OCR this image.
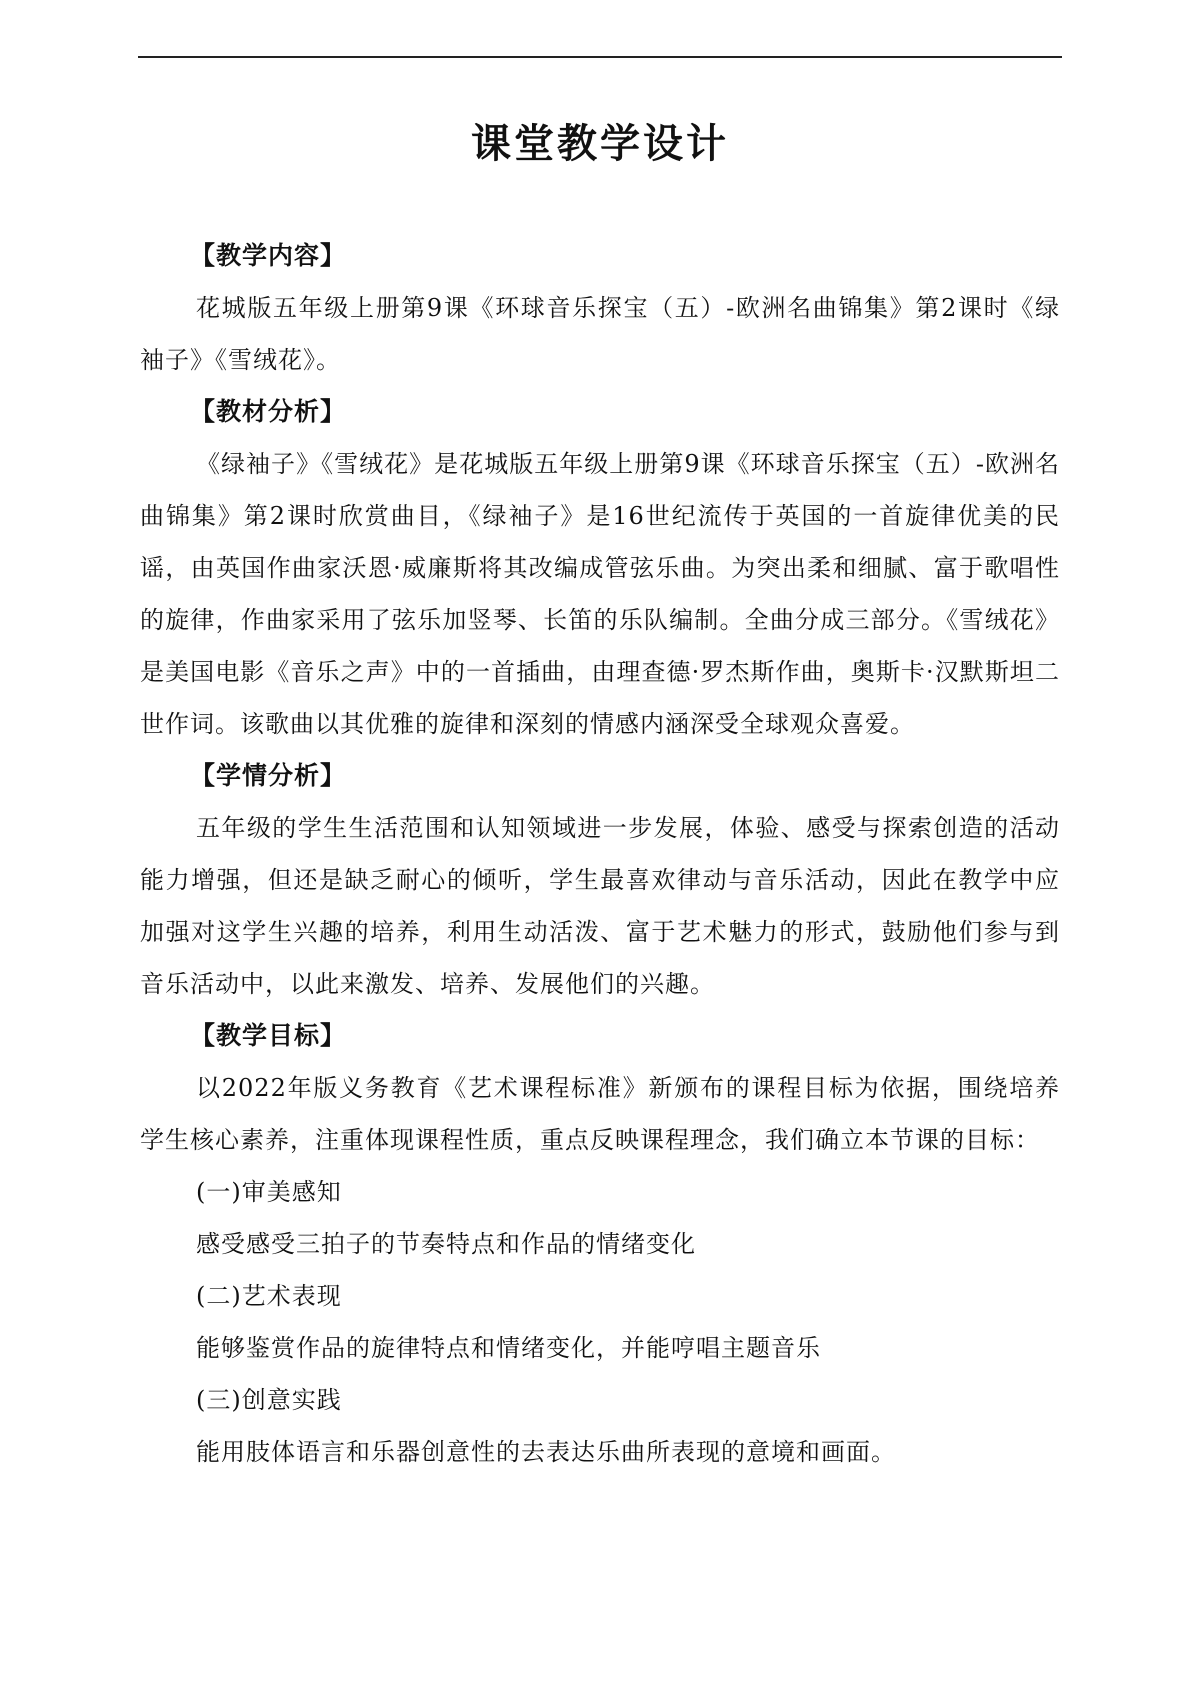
课堂教学设计

【教学内容】

花城版五年级上册第9课《环球音乐探宝（五）-欧洲名曲锦集》第2课时《绿袖子》《雪绒花》。

【教材分析】

《绿袖子》《雪绒花》是花城版五年级上册第9课《环球音乐探宝（五）-欧洲名曲锦集》第2课时欣赏曲目，《绿袖子》是16世纪流传于英国的一首旋律优美的民谣，由英国作曲家沃恩·威廉斯将其改编成管弦乐曲。为突出柔和细腻、富于歌唱性的旋律，作曲家采用了弦乐加竖琴、长笛的乐队编制。全曲分成三部分。《雪绒花》是美国电影《音乐之声》中的一首插曲，由理查德·罗杰斯作曲，奥斯卡·汉默斯坦二世作词。该歌曲以其优雅的旋律和深刻的情感内涵深受全球观众喜爱。

【学情分析】

五年级的学生生活范围和认知领域进一步发展，体验、感受与探索创造的活动能力增强，但还是缺乏耐心的倾听，学生最喜欢律动与音乐活动，因此在教学中应加强对这学生兴趣的培养，利用生动活泼、富于艺术魅力的形式，鼓励他们参与到音乐活动中，以此来激发、培养、发展他们的兴趣。

【教学目标】

以2022年版义务教育《艺术课程标准》新颁布的课程目标为依据，围绕培养学生核心素养，注重体现课程性质，重点反映课程理念，我们确立本节课的目标：

(一)审美感知

感受感受三拍子的节奏特点和作品的情绪变化

(二)艺术表现

能够鉴赏作品的旋律特点和情绪变化，并能哼唱主题音乐

(三)创意实践

能用肢体语言和乐器创意性的去表达乐曲所表现的意境和画面。
